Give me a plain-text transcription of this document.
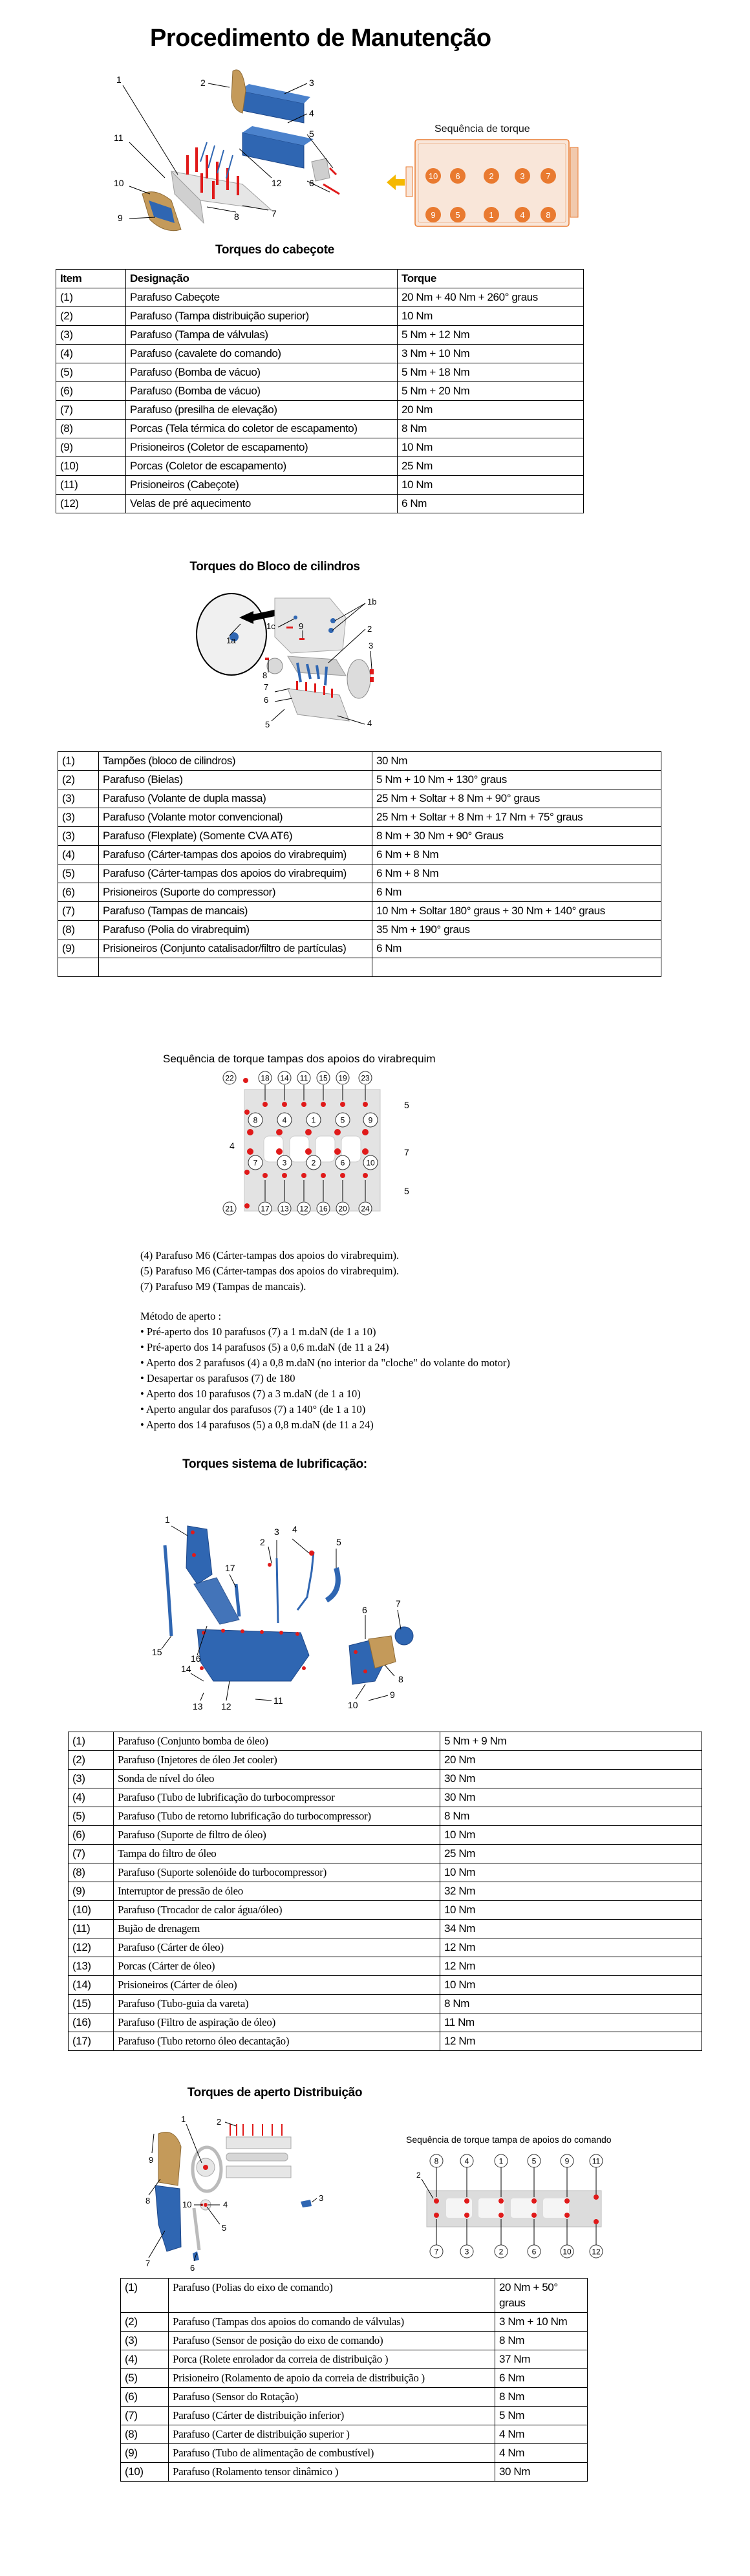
Procedimento de Manutenção
1	2	3
4
5
6
7
8
9
10
11
12
Sequência de torque
10 6	2	3	7
9 5	1	4	8
Torques do cabeçote
Item	Designação	Torque
(1)	Parafuso Cabeçote	20 Nm + 40 Nm + 260° graus
(2)	Parafuso (Tampa distribuição superior)	10 Nm
(3)	Parafuso (Tampa de válvulas)	5 Nm + 12 Nm
(4)	Parafuso (cavalete do comando)	3 Nm + 10 Nm
(5)	Parafuso (Bomba de vácuo)	5 Nm + 18 Nm
(6)	Parafuso (Bomba de vácuo)	5 Nm + 20 Nm
(7)	Parafuso (presilha de elevação)	20 Nm
(8)	Porcas (Tela térmica do coletor de escapamento)	8 Nm
(9)	Prisioneiros (Coletor de escapamento)	10 Nm
(10)	Porcas (Coletor de escapamento)	25 Nm
(11)	Prisioneiros (Cabeçote)	10 Nm
(12)	Velas de pré aquecimento	6 Nm
Torques do Bloco de cilindros
1a
1b
1c	2
3
4
5
6
7
8
9
(1)	Tampões (bloco de cilindros)	30 Nm
(2)	Parafuso (Bielas)	5 Nm + 10 Nm + 130° graus
(3)	Parafuso (Volante de dupla massa)	25 Nm + Soltar + 8 Nm + 90° graus
(3)	Parafuso (Volante motor convencional)	25 Nm + Soltar + 8 Nm + 17 Nm + 75° graus
(3)	Parafuso (Flexplate) (Somente CVA AT6)	8 Nm + 30 Nm + 90° Graus
(4)	Parafuso (Cárter-tampas dos apoios do virabrequim)	6 Nm + 8 Nm
(5)	Parafuso (Cárter-tampas dos apoios do virabrequim)	6 Nm + 8 Nm
(6)	Prisioneiros (Suporte do compressor)	6 Nm
(7)	Parafuso (Tampas de mancais)	10 Nm + Soltar 180° graus + 30 Nm + 140° graus
(8)	Parafuso (Polia do virabrequim)	35 Nm + 190° graus
(9)	Prisioneiros (Conjunto catalisador/filtro de partículas)	6 Nm

Sequência de torque tampas dos apoios do virabrequim
22	18 14 11 15 19 23
21	17 13 12 16 20 24
8	4	1	5	9
7	3	2	6	10
5
7
4
5
(4) Parafuso M6 (Cárter-tampas dos apoios do virabrequim).
(5) Parafuso M6 (Cárter-tampas dos apoios do virabrequim).
(7) Parafuso M9 (Tampas de mancais).
Método de aperto :
• Pré-aperto dos 10 parafusos (7) a 1 m.daN (de 1 a 10)
• Pré-aperto dos 14 parafusos (5) a 0,6 m.daN (de 11 a 24)
• Aperto dos 2 parafusos (4) a 0,8 m.daN (no interior da "cloche" do volante do motor)
• Desapertar os parafusos (7) de 180
• Aperto dos 10 parafusos (7) a 3 m.daN (de 1 a 10)
• Aperto angular dos parafusos (7) a 140° (de 1 a 10)
• Aperto dos 14 parafusos (5) a 0,8 m.daN (de 11 a 24)
Torques sistema de lubrificação:
1
2
3 4
5
6
7
8
9
10
11
12
13
14
15
16
17
(1)	Parafuso (Conjunto bomba de óleo)	5 Nm + 9 Nm
(2)	Parafuso (Injetores de óleo Jet cooler)	20 Nm
(3)	Sonda de nível do óleo	30 Nm
(4)	Parafuso (Tubo de lubrificação do turbocompressor	30 Nm
(5)	Parafuso (Tubo de retorno lubrificação do turbocompressor)	8 Nm
(6)	Parafuso (Suporte de filtro de óleo)	10 Nm
(7)	Tampa do filtro de óleo	25 Nm
(8)	Parafuso (Suporte solenóide do turbocompressor)	10 Nm
(9)	Interruptor de pressão de óleo	32 Nm
(10)	Parafuso (Trocador de calor água/óleo)	10 Nm
(11)	Bujão de drenagem	34 Nm
(12)	Parafuso (Cárter de óleo)	12 Nm
(13)	Porcas (Cárter de óleo)	12 Nm
(14)	Prisioneiros (Cárter de óleo)	10 Nm
(15)	Parafuso (Tubo-guia da vareta)	8 Nm
(16)	Parafuso (Filtro de aspiração de óleo)	11 Nm
(17)	Parafuso (Tubo retorno óleo decantação)	12 Nm
Torques de aperto Distribuição
1	2
3
4
5
6
7
8
9
10
Sequência de torque tampa de apoios do comando
8	4	1	5	9	11
7	3	2	6	10	12
2
(1)	Parafuso (Polias do eixo de comando)	20 Nm + 50° graus
(2)	Parafuso (Tampas dos apoios do comando de válvulas)	3 Nm + 10 Nm
(3)	Parafuso (Sensor de posição do eixo de comando)	8 Nm
(4)	Porca (Rolete enrolador da correia de distribuição )	37 Nm
(5)	Prisioneiro (Rolamento de apoio da correia de distribuição )	6 Nm
(6)	Parafuso (Sensor do Rotação)	8 Nm
(7)	Parafuso (Cárter de distribuição inferior)	5 Nm
(8)	Parafuso (Carter de distribuição superior )	4 Nm
(9)	Parafuso (Tubo de alimentação de combustível)	4 Nm
(10)	Parafuso (Rolamento tensor dinâmico )	30 Nm
